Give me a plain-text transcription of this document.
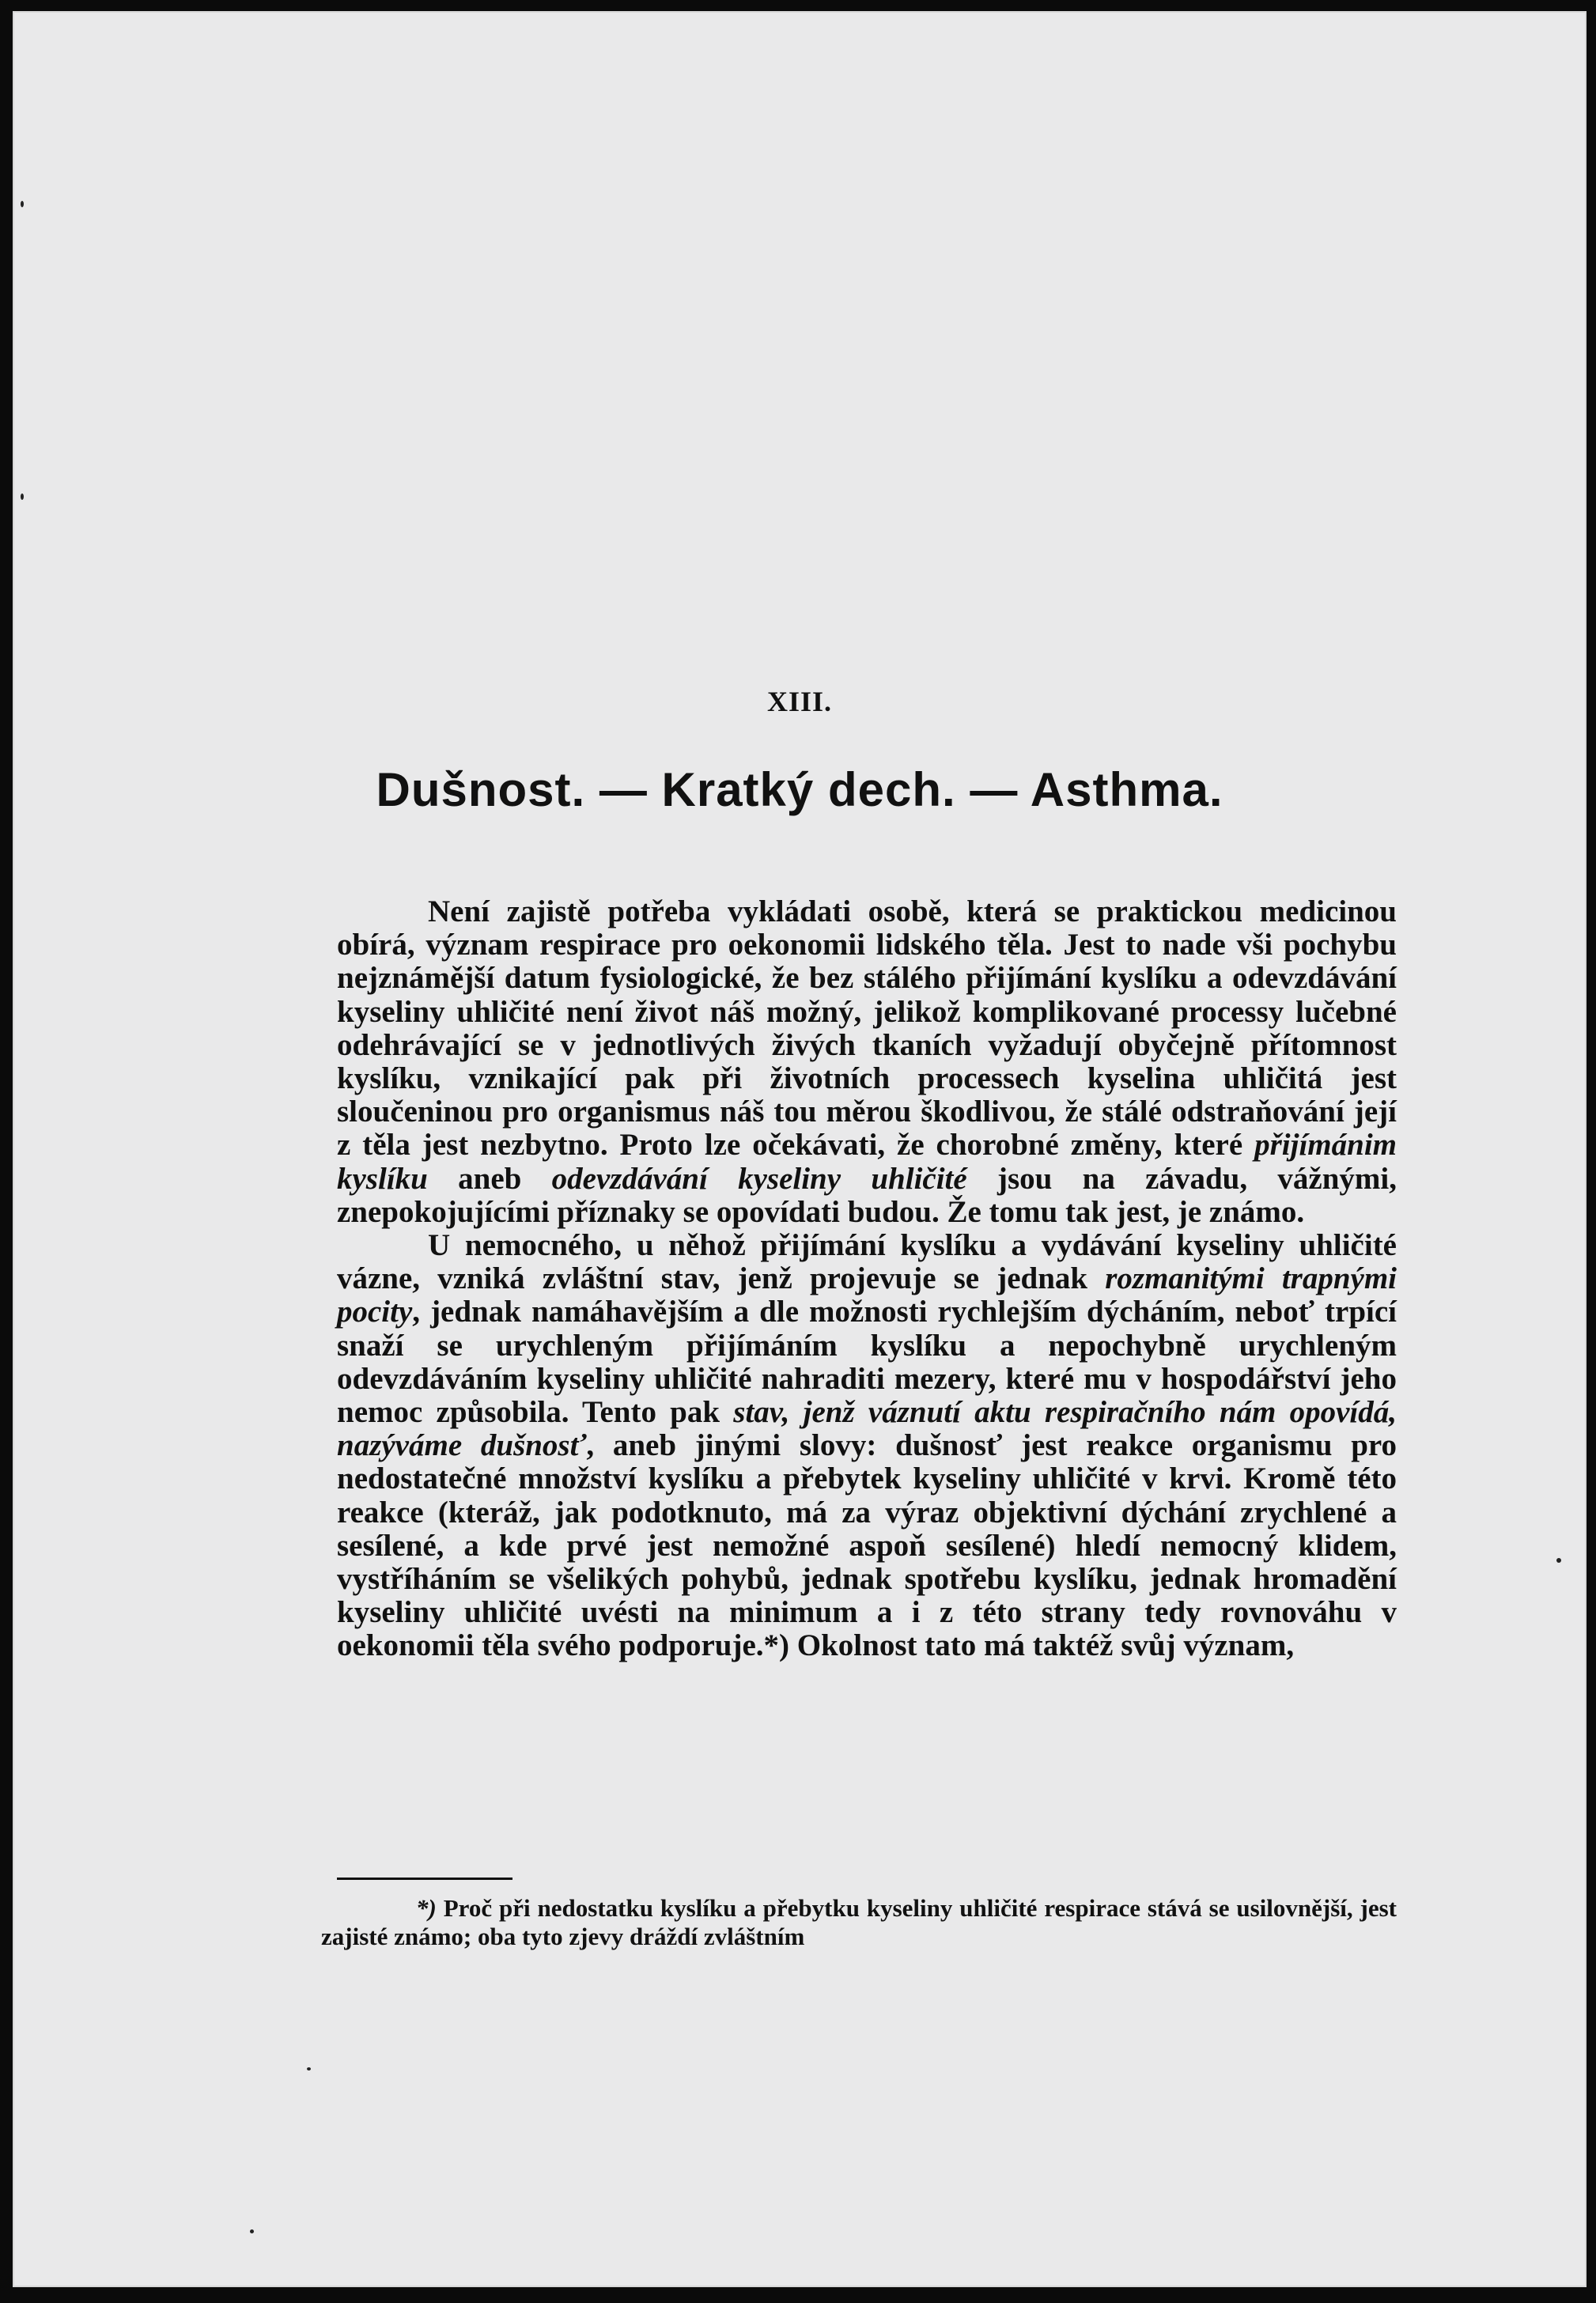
XIII.
Dušnost. — Kratký dech. — Asthma.

Není zajistě potřeba vykládati osobě, která se praktickou medicinou obírá, význam respirace pro oekonomii lidského těla. Jest to nade vši pochybu nejznámější datum fysiologické, že bez stálého přijímání kyslíku a odevzdávání kyseliny uhličité není život náš možný, jelikož komplikované processy lučebné odehrávající se v jednotlivých živých tkaních vyžadují obyčejně přítomnost kyslíku, vznikající pak při životních processech kyselina uhličitá jest sloučeninou pro organismus náš tou měrou škodlivou, že stálé odstraňování její z těla jest nezbytno. Proto lze očekávati, že chorobné změny, které přijímánim kyslíku aneb odevzdávání kyseliny uhličité jsou na závadu, vážnými, znepokojujícími příznaky se opovídati budou. Že tomu tak jest, je známo.

U nemocného, u něhož přijímání kyslíku a vydávání kyseliny uhličité vázne, vzniká zvláštní stav, jenž projevuje se jednak rozmanitými trapnými pocity, jednak namáhavějším a dle možnosti rychlejším dýcháním, neboť trpící snaží se urychleným přijímáním kyslíku a nepochybně urychleným odevzdáváním kyseliny uhličité nahraditi mezery, které mu v hospodářství jeho nemoc způsobila. Tento pak stav, jenž váznutí aktu respiračního nám opovídá, nazýváme dušnosť, aneb jinými slovy: dušnosť jest reakce organismu pro nedostatečné množství kyslíku a přebytek kyseliny uhličité v krvi. Kromě této reakce (kteráž, jak podotknuto, má za výraz objektivní dýchání zrychlené a sesílené, a kde prvé jest nemožné aspoň sesílené) hledí nemocný klidem, vystříháním se všelikých pohybů, jednak spotřebu kyslíku, jednak hromadění kyseliny uhličité uvésti na minimum a i z této strany tedy rovnováhu v oekonomii těla svého podporuje.*) Okolnost tato má taktéž svůj význam,

*) Proč při nedostatku kyslíku a přebytku kyseliny uhličité respirace stává se usilovnější, jest zajisté známo; oba tyto zjevy dráždí zvláštním
